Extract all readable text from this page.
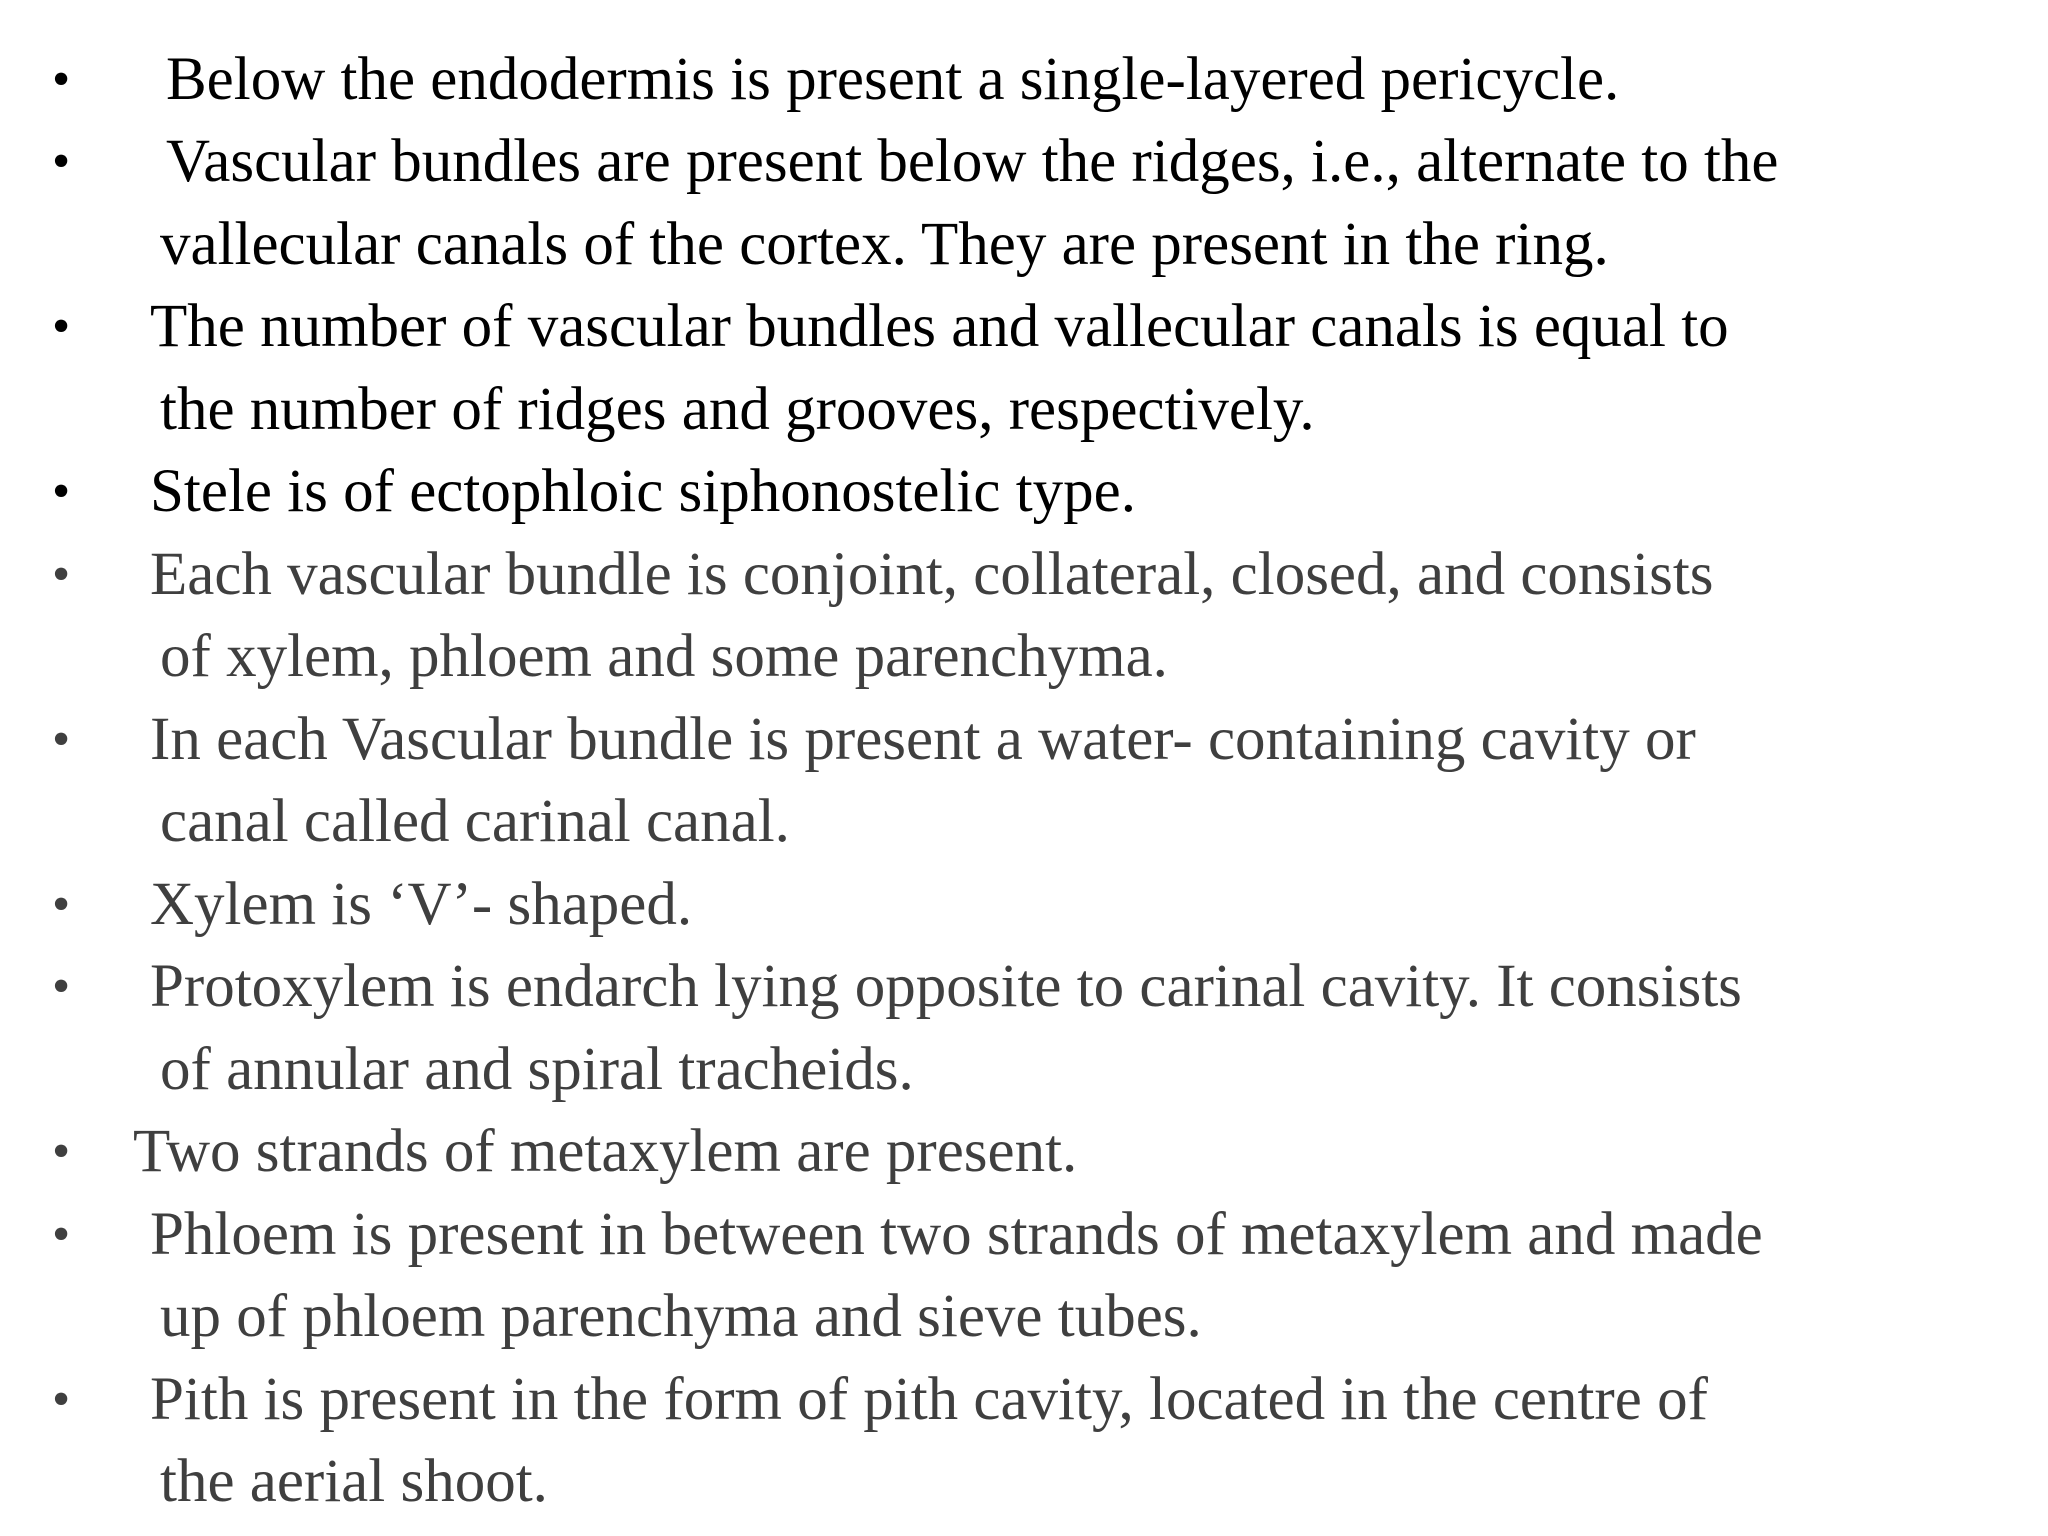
• Below the endodermis is present a single-layered pericycle.

• Vascular bundles are present below the ridges, i.e., alternate to the

vallecular canals of the cortex. They are present in the ring.

• The number of vascular bundles and vallecular canals is equal to

the number of ridges and grooves, respectively.

• Stele is of ectophloic siphonostelic type.

• Each vascular bundle is conjoint, collateral, closed, and consists

of xylem, phloem and some parenchyma.

• In each Vascular bundle is present a water- containing cavity or

canal called carinal canal.

• Xylem is ‘V’- shaped.

• Protoxylem is endarch lying opposite to carinal cavity. It consists

of annular and spiral tracheids.

• Two strands of metaxylem are present.

• Phloem is present in between two strands of metaxylem and made

up of phloem parenchyma and sieve tubes.

• Pith is present in the form of pith cavity, located in the centre of

the aerial shoot.
